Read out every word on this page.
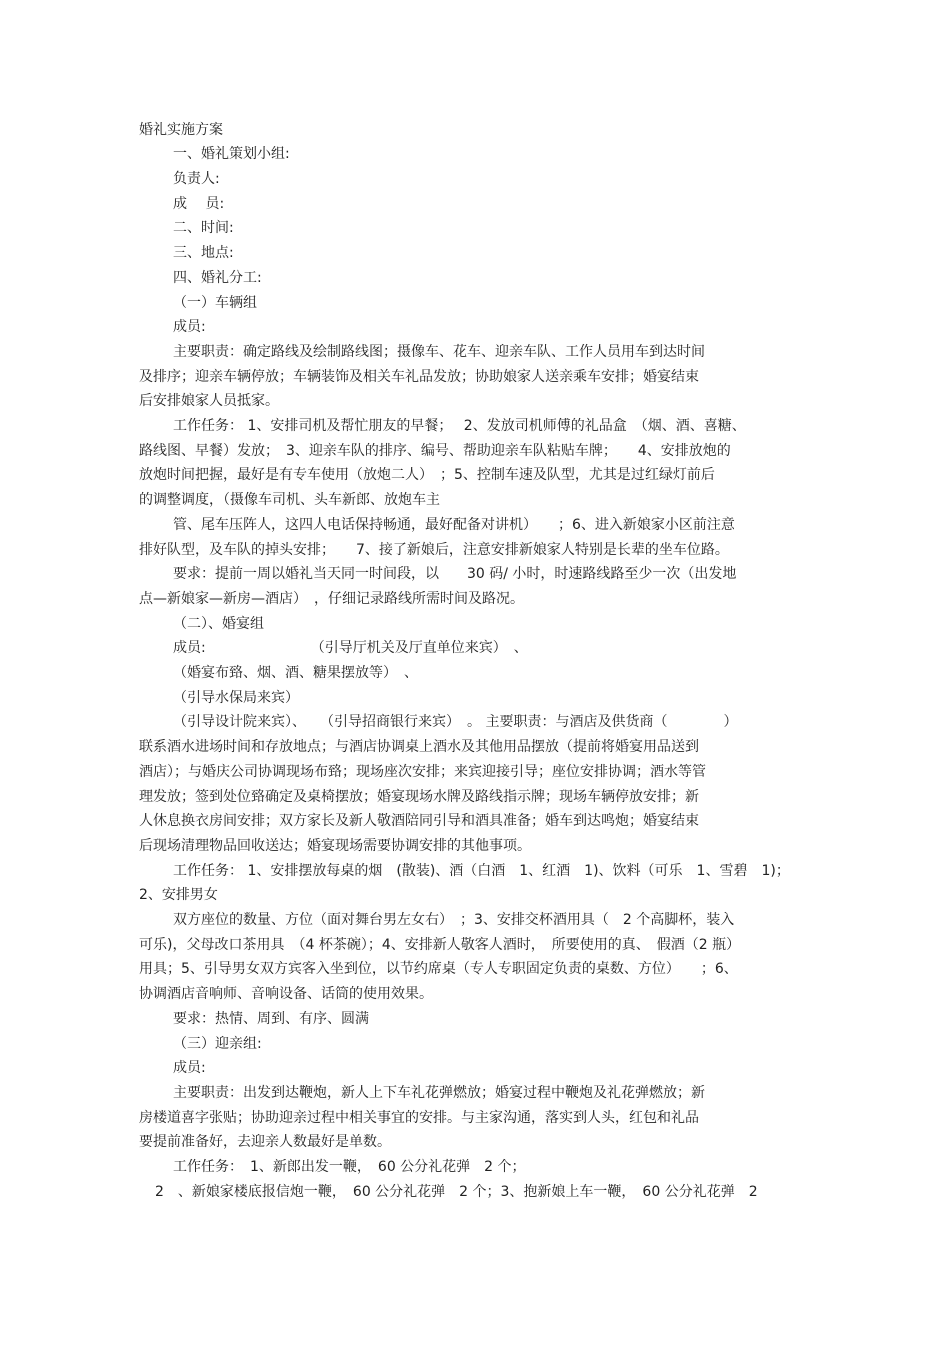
婚礼实施方案
一、婚礼策划小组:
负责人:
成　 员:
二、时间:
三、地点:
四、婚礼分工:
（一）车辆组
成员:
主要职责：确定路线及绘制路线图；摄像车、花车、迎亲车队、工作人员用车到达时间
及排序；迎亲车辆停放；车辆装饰及相关车礼品发放；协助娘家人送亲乘车安排；婚宴结束
后安排娘家人员抵家。
工作任务： 1、安排司机及帮忙朋友的早餐；　 2、发放司机师傅的礼品盒　（烟、酒、喜糖、
路线图、早餐）发放；　3、迎亲车队的排序、编号、帮助迎亲车队粘贴车牌；　　4、安排放炮的
放炮时间把握，最好是有专车使用（放炮二人）　；5、控制车速及队型，尤其是过红绿灯前后
的调整调度，（摄像车司机、头车新郎、放炮车主
管、尾车压阵人，这四人电话保持畅通，最好配备对讲机）　　；6、进入新娘家小区前注意
排好队型，及车队的掉头安排；　　7、接了新娘后，注意安排新娘家人特别是长辈的坐车位路。
要求：提前一周以婚礼当天同一时间段，以　　30 码/ 小时，时速路线路至少一次（出发地
点—新娘家—新房—酒店）　，仔细记录路线所需时间及路况。
（二）、婚宴组
成员:　　　　　　　　（引导厅机关及厅直单位来宾）　、
（婚宴布臵、烟、酒、糖果摆放等）　、
（引导水保局来宾）
（引导设计院来宾）、　　（引导招商银行来宾）　。 主要职责：与酒店及供货商（　　　　）
联系酒水进场时间和存放地点；与酒店协调桌上酒水及其他用品摆放（提前将婚宴用品送到
酒店）；与婚庆公司协调现场布臵；现场座次安排；来宾迎接引导；座位安排协调；酒水等管
理发放；签到处位臵确定及桌椅摆放；婚宴现场水牌及路线指示牌；现场车辆停放安排；新
人休息换衣房间安排；双方家长及新人敬酒陪同引导和酒具准备；婚车到达鸣炮；婚宴结束
后现场清理物品回收送达；婚宴现场需要协调安排的其他事项。
工作任务： 1、安排摆放每桌的烟　(散装)、酒（白酒　1、红酒　1)、饮料（可乐　1、雪碧　1)；
2、安排男女
双方座位的数量、方位（面对舞台男左女右）　；3、安排交杯酒用具（　2 个高脚杯，装入
可乐)，父母改口茶用具　（4 杯茶碗）；4、安排新人敬客人酒时，　所要使用的真、　假酒（2 瓶）
用具；5、引导男女双方宾客入坐到位，以节约席桌（专人专职固定负责的桌数、方位）　　；6、
协调酒店音响师、音响设备、话筒的使用效果。
要求：热情、周到、有序、圆满
（三）迎亲组:
成员:
主要职责：出发到达鞭炮，新人上下车礼花弹燃放；婚宴过程中鞭炮及礼花弹燃放；新
房楼道喜字张贴；协助迎亲过程中相关事宜的安排。与主家沟通，落实到人头，红包和礼品
要提前准备好，去迎亲人数最好是单数。
工作任务：　1、新郎出发一鞭，　60 公分礼花弹　2 个；
2　、新娘家楼底报信炮一鞭，　60 公分礼花弹　2 个；3、抱新娘上车一鞭，　60 公分礼花弹　2
